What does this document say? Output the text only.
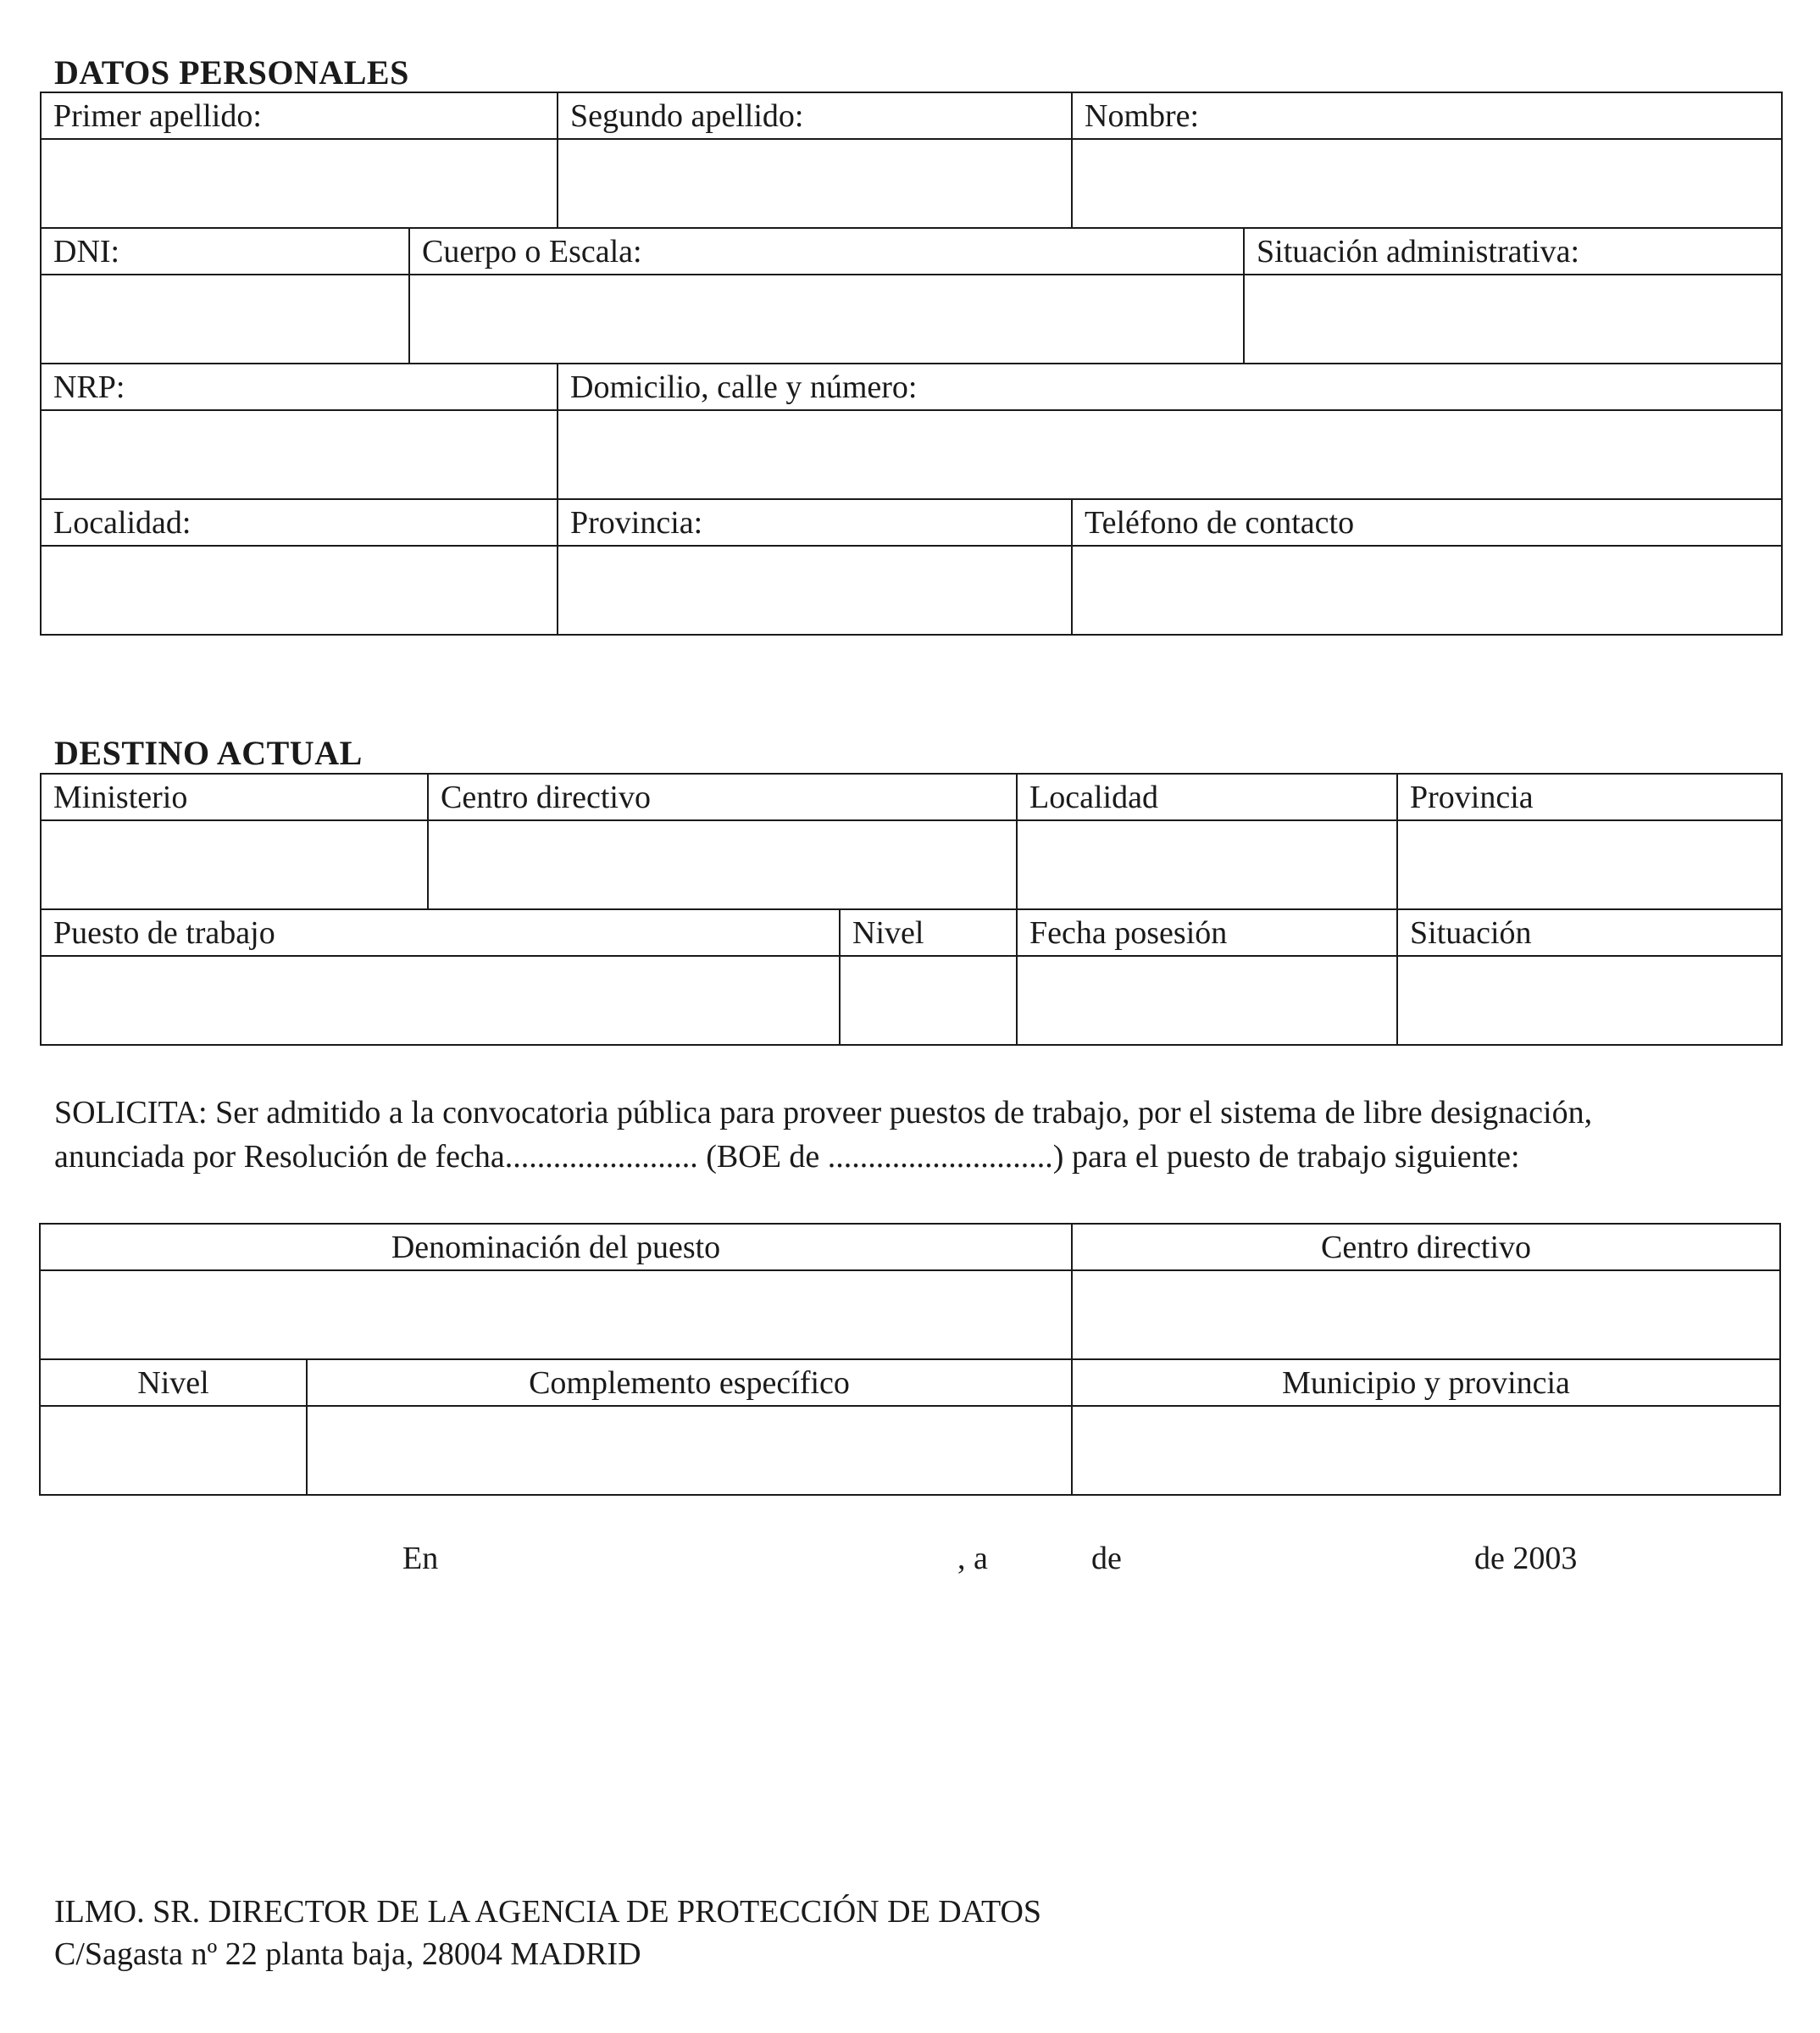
DATOS PERSONALES
Primer apellido:		Segundo apellido:	Nombre:	

DNI:	Cuerpo o Escala:			Situación administrativa:

NRP:		Domicilio, calle y número:		

Localidad:		Provincia:	Teléfono de contacto	

DESTINO ACTUAL
Ministerio	Centro directivo		Localidad	Provincia

Puesto de trabajo		Nivel	Fecha posesión	Situación

SOLICITA: Ser admitido a la convocatoria pública para proveer puestos de trabajo, por el sistema de libre designación,
anunciada por Resolución de fecha........................ (BOE de ............................) para el puesto de trabajo siguiente:

Denominación del puesto		Centro directivo

Nivel	Complemento específico	Municipio y provincia

En	, a	de	de 2003
ILMO. SR. DIRECTOR DE LA AGENCIA DE PROTECCIÓN DE DATOS
C/Sagasta nº 22 planta baja, 28004 MADRID
